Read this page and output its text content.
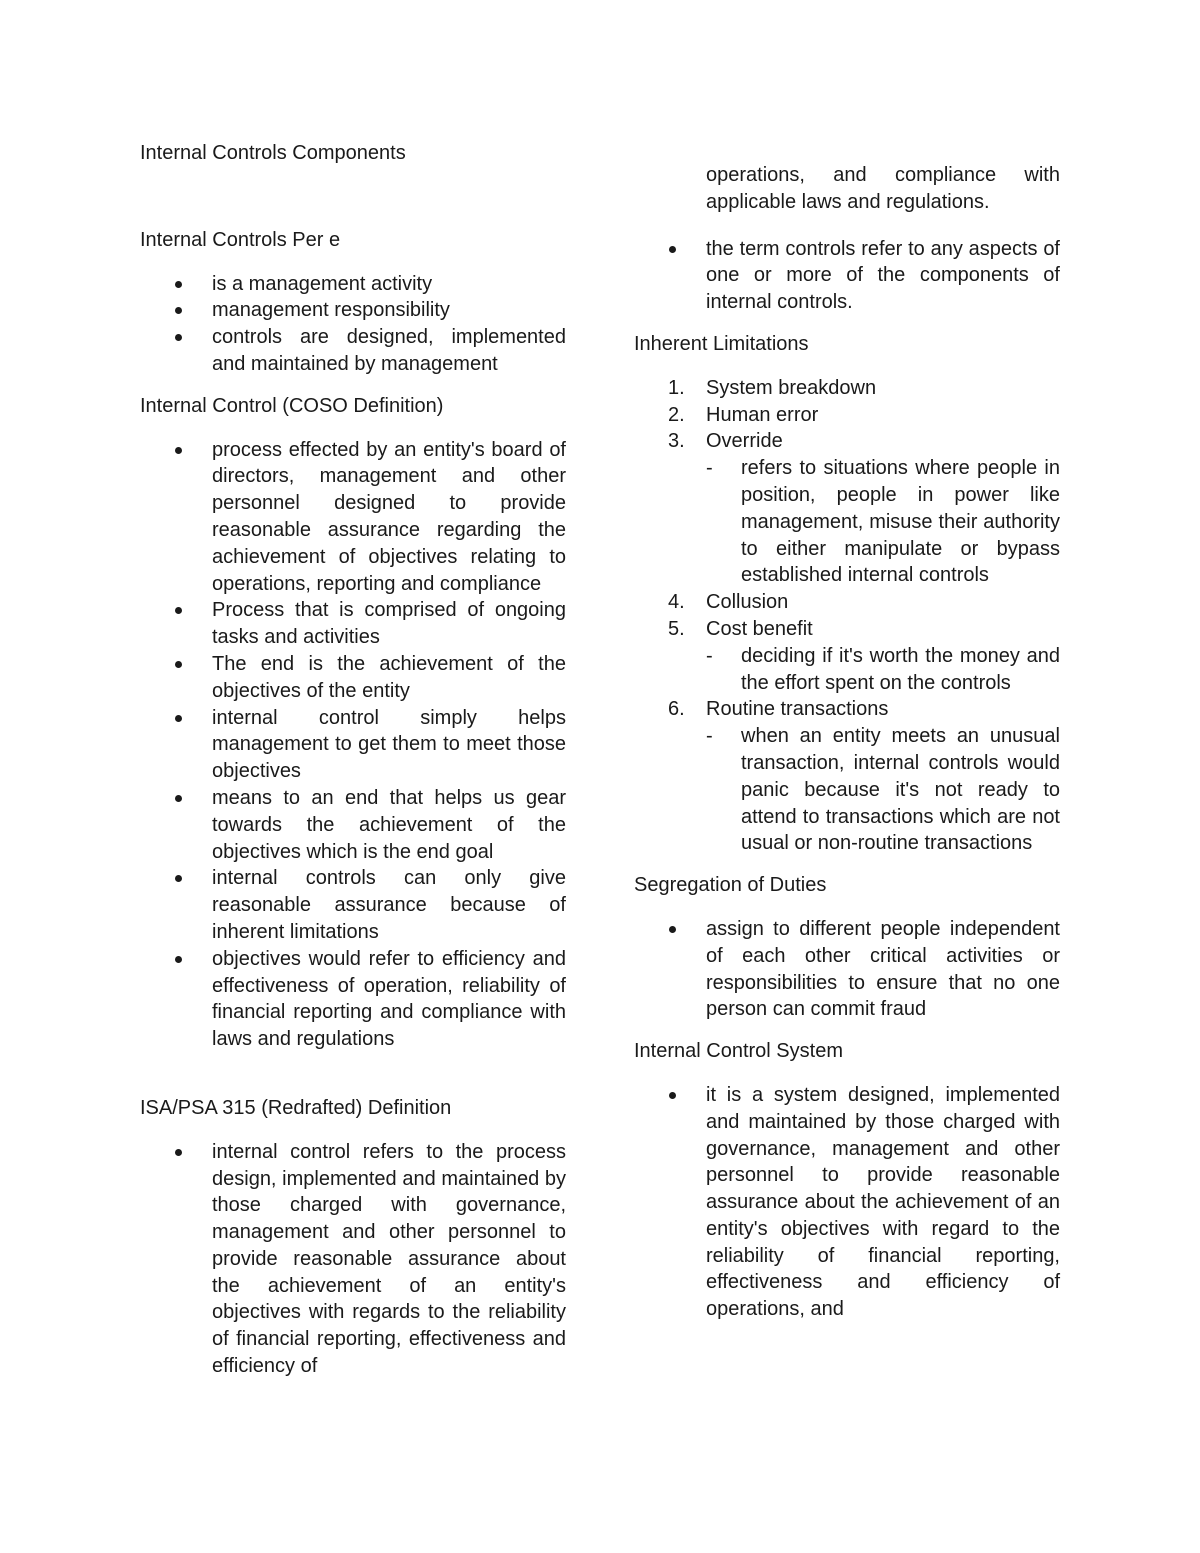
Internal Controls Components

Internal Controls Per e

is a management activity
management responsibility
controls are designed, implemented and maintained by management

Internal Control (COSO Definition)

process effected by an entity's board of directors, management and other personnel designed to provide reasonable assurance regarding the achievement of objectives relating to operations, reporting and compliance
Process that is comprised of ongoing tasks and activities
The end is the achievement of the objectives of the entity
internal control simply helps management to get them to meet those objectives
means to an end that helps us gear towards the achievement of the objectives which is the end goal
internal controls can only give reasonable assurance because of inherent limitations
objectives would refer to efficiency and effectiveness of operation, reliability of financial reporting and compliance with laws and regulations

ISA/PSA 315 (Redrafted) Definition

internal control refers to the process design, implemented and maintained by those charged with governance, management and other personnel to provide reasonable assurance about the achievement of an entity's objectives with regards to the reliability of financial reporting, effectiveness and efficiency of

operations, and compliance with applicable laws and regulations.

the term controls refer to any aspects of one or more of the components of internal controls.

Inherent Limitations

1. System breakdown
2. Human error
3. Override
- refers to situations where people in position, people in power like management, misuse their authority to either manipulate or bypass established internal controls
4. Collusion
5. Cost benefit
- deciding if it's worth the money and the effort spent on the controls
6. Routine transactions
- when an entity meets an unusual transaction, internal controls would panic because it's not ready to attend to transactions which are not usual or non-routine transactions

Segregation of Duties

assign to different people independent of each other critical activities or responsibilities to ensure that no one person can commit fraud

Internal Control System

it is a system designed, implemented and maintained by those charged with governance, management and other personnel to provide reasonable assurance about the achievement of an entity's objectives with regard to the reliability of financial reporting, effectiveness and efficiency of operations, and
